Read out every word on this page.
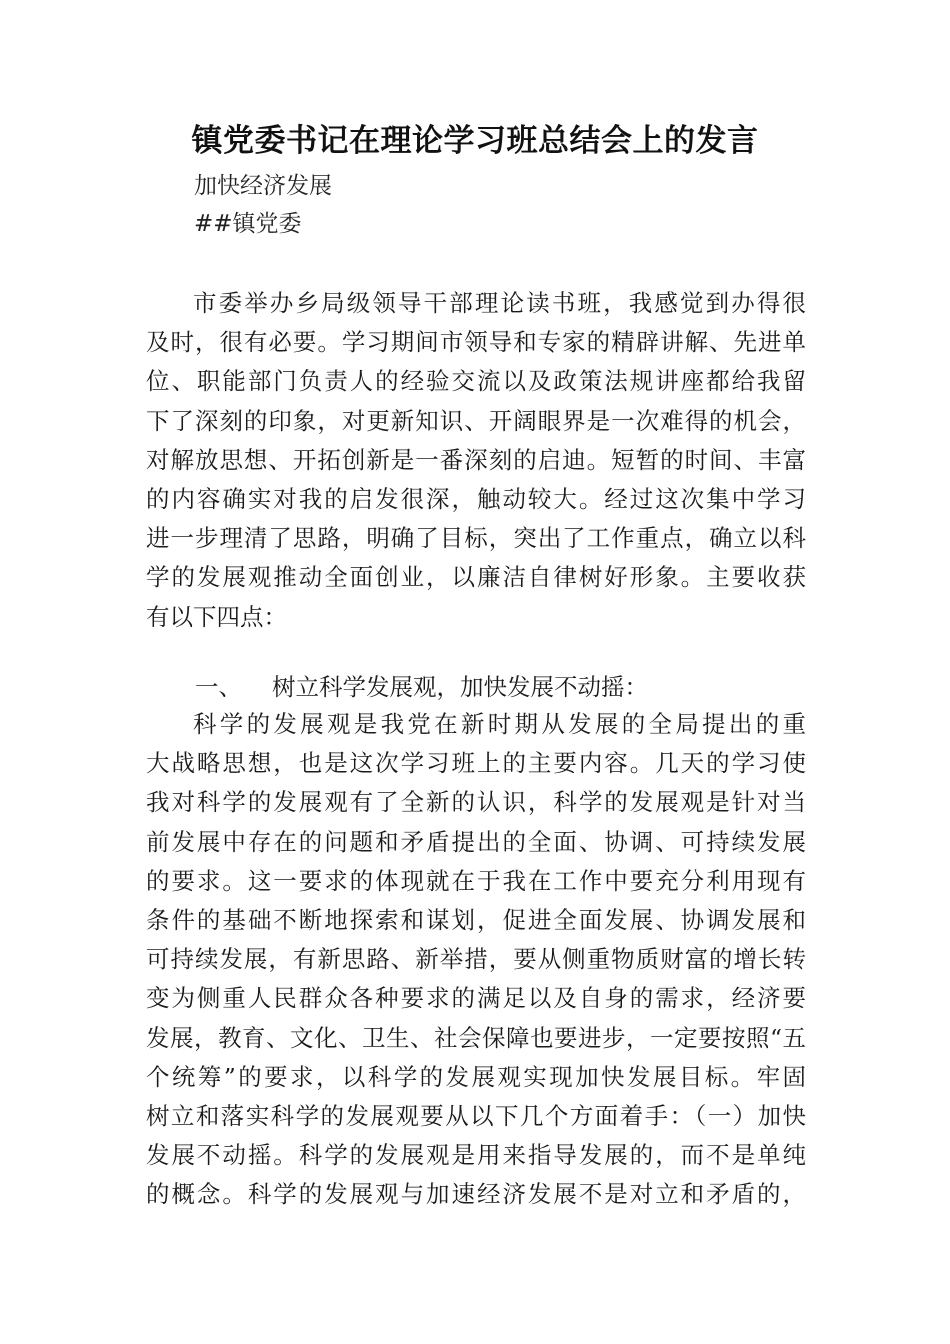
镇党委书记在理论学习班总结会上的发言
加快经济发展
##镇党委
市委举办乡局级领导干部理论读书班，我感觉到办得很
及时，很有必要。学习期间市领导和专家的精辟讲解、先进单
位、职能部门负责人的经验交流以及政策法规讲座都给我留
下了深刻的印象，对更新知识、开阔眼界是一次难得的机会，
对解放思想、开拓创新是一番深刻的启迪。短暂的时间、丰富
的内容确实对我的启发很深，触动较大。经过这次集中学习
进一步理清了思路，明确了目标，突出了工作重点，确立以科
学的发展观推动全面创业，以廉洁自律树好形象。主要收获
有以下四点：
一、 树立科学发展观，加快发展不动摇：
科学的发展观是我党在新时期从发展的全局提出的重
大战略思想，也是这次学习班上的主要内容。几天的学习使
我对科学的发展观有了全新的认识，科学的发展观是针对当
前发展中存在的问题和矛盾提出的全面、协调、可持续发展
的要求。这一要求的体现就在于我在工作中要充分利用现有
条件的基础不断地探索和谋划，促进全面发展、协调发展和
可持续发展，有新思路、新举措，要从侧重物质财富的增长转
变为侧重人民群众各种要求的满足以及自身的需求，经济要
发展，教育、文化、卫生、社会保障也要进步，一定要按照“五
个统筹”的要求，以科学的发展观实现加快发展目标。牢固
树立和落实科学的发展观要从以下几个方面着手：（一）加快
发展不动摇。科学的发展观是用来指导发展的，而不是单纯
的概念。科学的发展观与加速经济发展不是对立和矛盾的，
